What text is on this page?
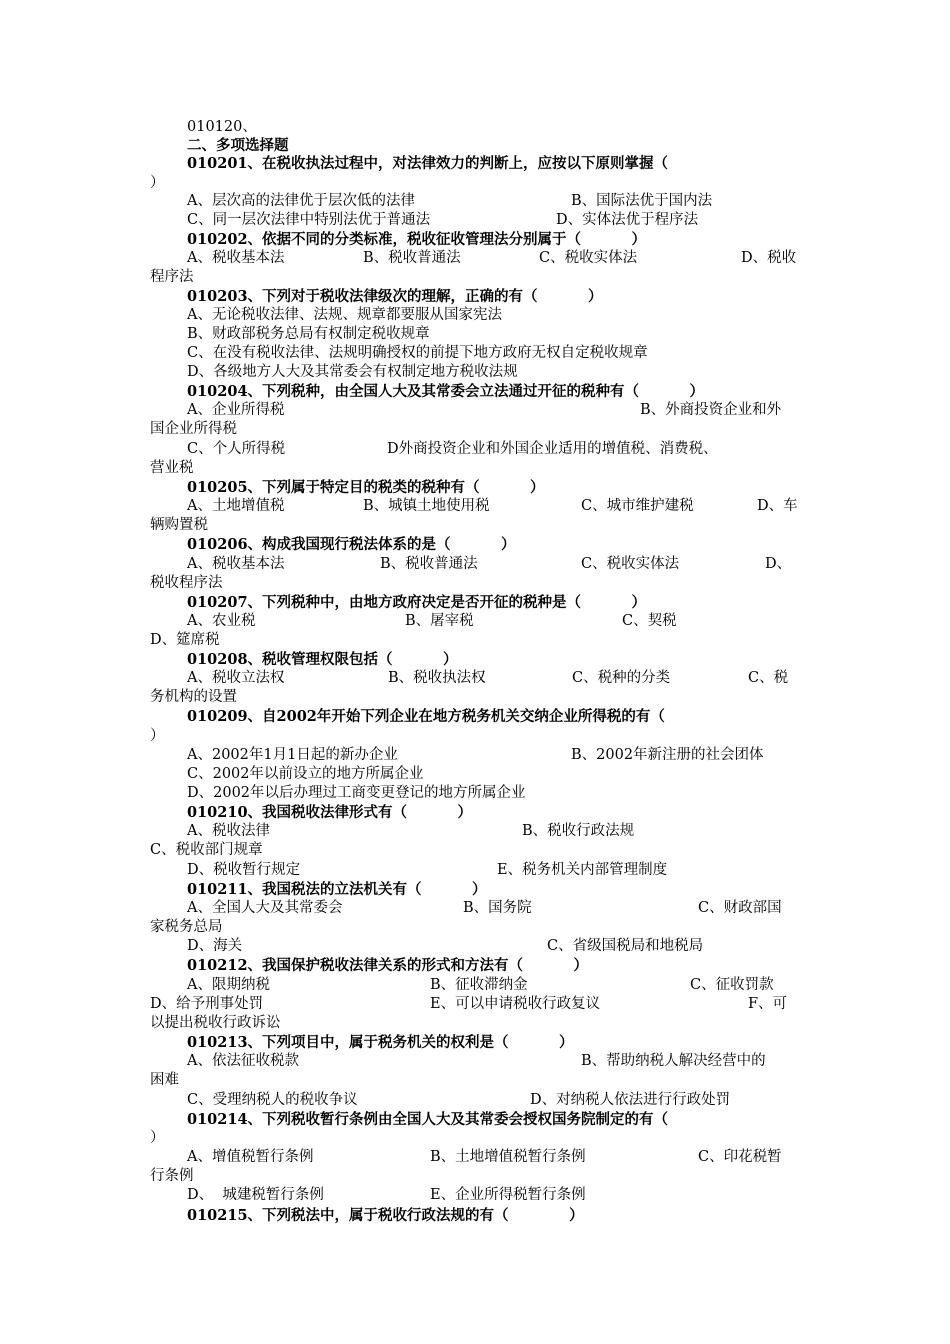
010120、
二、多项选择题
010201、在税收执法过程中，对法律效力的判断上，应按以下原则掌握（
）
A、层次高的法律优于层次低的法律	B、国际法优于国内法
C、同一层次法律中特别法优于普通法	D、实体法优于程序法
010202、依据不同的分类标准，税收征收管理法分别属于（          ）
A、税收基本法	B、税收普通法	C、税收实体法	D、税收
程序法
010203、下列对于税收法律级次的理解，正确的有（          ）
A、无论税收法律、法规、规章都要服从国家宪法
B、财政部税务总局有权制定税收规章
C、在没有税收法律、法规明确授权的前提下地方政府无权自定税收规章
D、各级地方人大及其常委会有权制定地方税收法规
010204、下列税种，由全国人大及其常委会立法通过开征的税种有（          ）
A、企业所得税	B、外商投资企业和外
国企业所得税
C、个人所得税	D外商投资企业和外国企业适用的增值税、消费税、
营业税
010205、下列属于特定目的税类的税种有（          ）
A、土地增值税	B、城镇土地使用税	C、城市维护建税	D、车
辆购置税
010206、构成我国现行税法体系的是（          ）
A、税收基本法	B、税收普通法	C、税收实体法	D、
税收程序法
010207、下列税种中，由地方政府决定是否开征的税种是（          ）
A、农业税	B、屠宰税	C、契税
D、筵席税
010208、税收管理权限包括（          ）
A、税收立法权	B、税收执法权	C、税种的分类	C、税
务机构的设置
010209、自2002年开始下列企业在地方税务机关交纳企业所得税的有（
）
A、2002年1月1日起的新办企业	B、2002年新注册的社会团体
C、2002年以前设立的地方所属企业
D、2002年以后办理过工商变更登记的地方所属企业
010210、我国税收法律形式有（          ）
A、税收法律	B、税收行政法规
C、税收部门规章
D、税收暂行规定	E、税务机关内部管理制度
010211、我国税法的立法机关有（          ）
A、全国人大及其常委会	B、国务院	C、财政部国
家税务总局
D、海关	C、省级国税局和地税局
010212、我国保护税收法律关系的形式和方法有（          ）
A、限期纳税	B、征收滞纳金	C、征收罚款
D、给予刑事处罚	E、可以申请税收行政复议	F、可
以提出税收行政诉讼
010213、下列项目中，属于税务机关的权利是（          ）
A、依法征收税款	B、帮助纳税人解决经营中的
困难
C、受理纳税人的税收争议	D、对纳税人依法进行行政处罚
010214、下列税收暂行条例由全国人大及其常委会授权国务院制定的有（
）
A、增值税暂行条例	B、土地增值税暂行条例	C、印花税暂
行条例
D、  城建税暂行条例	E、企业所得税暂行条例
010215、下列税法中，属于税收行政法规的有（            ）
